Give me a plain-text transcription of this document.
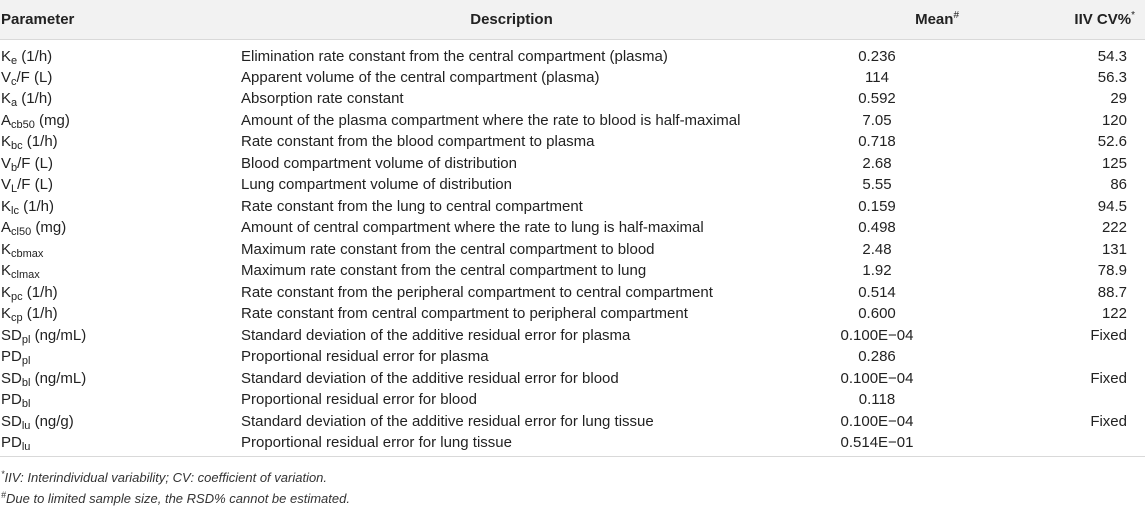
Parameter	Description	Mean#	IIV CV%*
$K_e$ (1/h)	Elimination rate constant from the central compartment (plasma)	0.236	54.3
$V_c/F$ (L)	Apparent volume of the central compartment (plasma)	114	56.3
$K_a$ (1/h)	Absorption rate constant	0.592	29
$A_{cb50}$ (mg)	Amount of the plasma compartment where the rate to blood is half-maximal	7.05	120
$K_{bc}$ (1/h)	Rate constant from the blood compartment to plasma	0.718	52.6
$V_b/F$ (L)	Blood compartment volume of distribution	2.68	125
$V_L/F$ (L)	Lung compartment volume of distribution	5.55	86
$K_{lc}$ (1/h)	Rate constant from the lung to central compartment	0.159	94.5
$A_{cl50}$ (mg)	Amount of central compartment where the rate to lung is half-maximal	0.498	222
$K_{cbmax}$	Maximum rate constant from the central compartment to blood	2.48	131
$K_{clmax}$	Maximum rate constant from the central compartment to lung	1.92	78.9
$K_{pc}$ (1/h)	Rate constant from the peripheral compartment to central compartment	0.514	88.7
$K_{cp}$ (1/h)	Rate constant from central compartment to peripheral compartment	0.600	122
$SD_{pl}$ (ng/mL)	Standard deviation of the additive residual error for plasma	0.100E−04	Fixed
$PD_{pl}$	Proportional residual error for plasma	0.286	
$SD_{bl}$ (ng/mL)	Standard deviation of the additive residual error for blood	0.100E−04	Fixed
$PD_{bl}$	Proportional residual error for blood	0.118	
$SD_{lu}$ (ng/g)	Standard deviation of the additive residual error for lung tissue	0.100E−04	Fixed
$PD_{lu}$	Proportional residual error for lung tissue	0.514E−01	
*IIV: Interindividual variability; CV: coefficient of variation.
#Due to limited sample size, the RSD% cannot be estimated.
